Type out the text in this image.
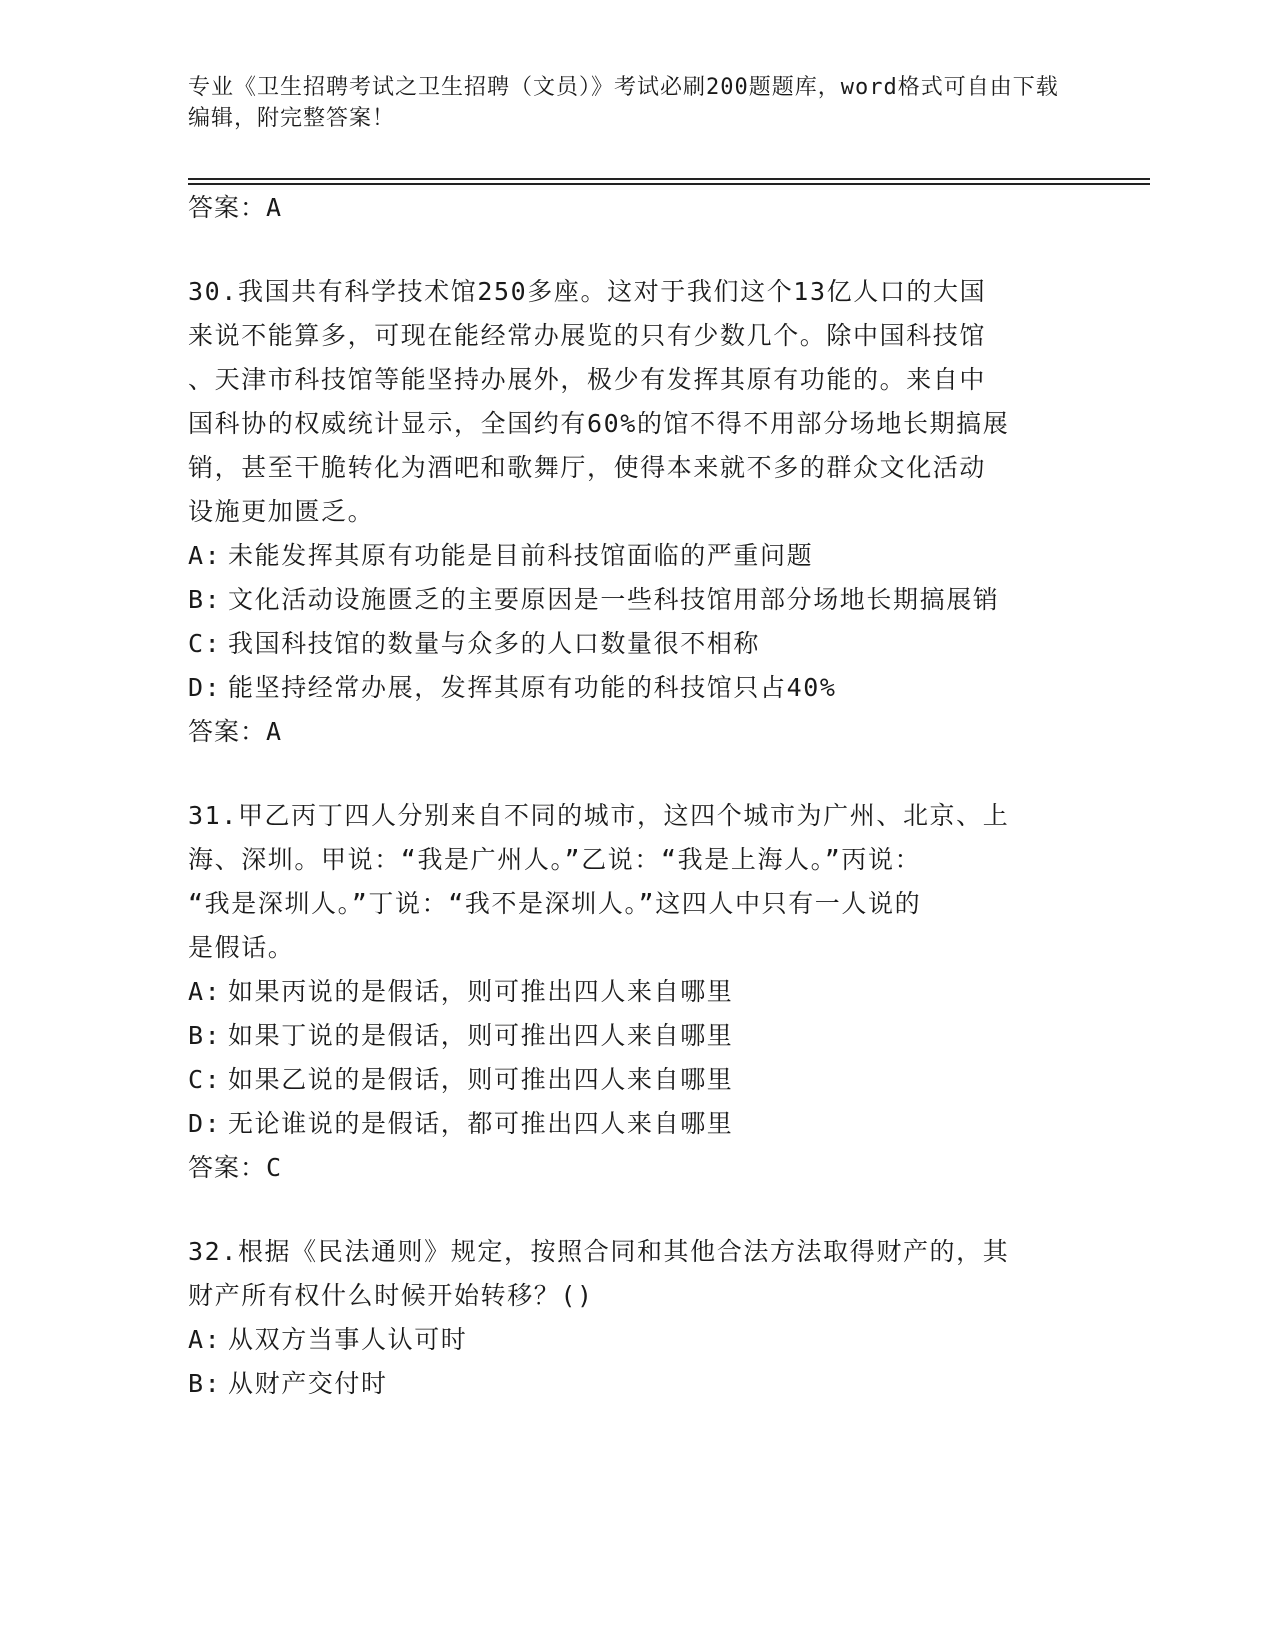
专业《卫生招聘考试之卫生招聘（文员）》考试必刷200题题库，word格式可自由下载编辑，附完整答案！
答案：A
30.我国共有科学技术馆250多座。这对于我们这个13亿人口的大国
来说不能算多，可现在能经常办展览的只有少数几个。除中国科技馆
、天津市科技馆等能坚持办展外，极少有发挥其原有功能的。来自中
国科协的权威统计显示，全国约有60%的馆不得不用部分场地长期搞展
销，甚至干脆转化为酒吧和歌舞厅，使得本来就不多的群众文化活动
设施更加匮乏。
A: 未能发挥其原有功能是目前科技馆面临的严重问题
B: 文化活动设施匮乏的主要原因是一些科技馆用部分场地长期搞展销
C: 我国科技馆的数量与众多的人口数量很不相称
D: 能坚持经常办展，发挥其原有功能的科技馆只占40%
答案：A
31.甲乙丙丁四人分别来自不同的城市，这四个城市为广州、北京、上
海、深圳。甲说：“我是广州人。”乙说：“我是上海人。”丙说：
“我是深圳人。”丁说：“我不是深圳人。”这四人中只有一人说的
是假话。
A: 如果丙说的是假话，则可推出四人来自哪里
B: 如果丁说的是假话，则可推出四人来自哪里
C: 如果乙说的是假话，则可推出四人来自哪里
D: 无论谁说的是假话，都可推出四人来自哪里
答案：C
32.根据《民法通则》规定，按照合同和其他合法方法取得财产的，其
财产所有权什么时候开始转移？()
A: 从双方当事人认可时
B: 从财产交付时
